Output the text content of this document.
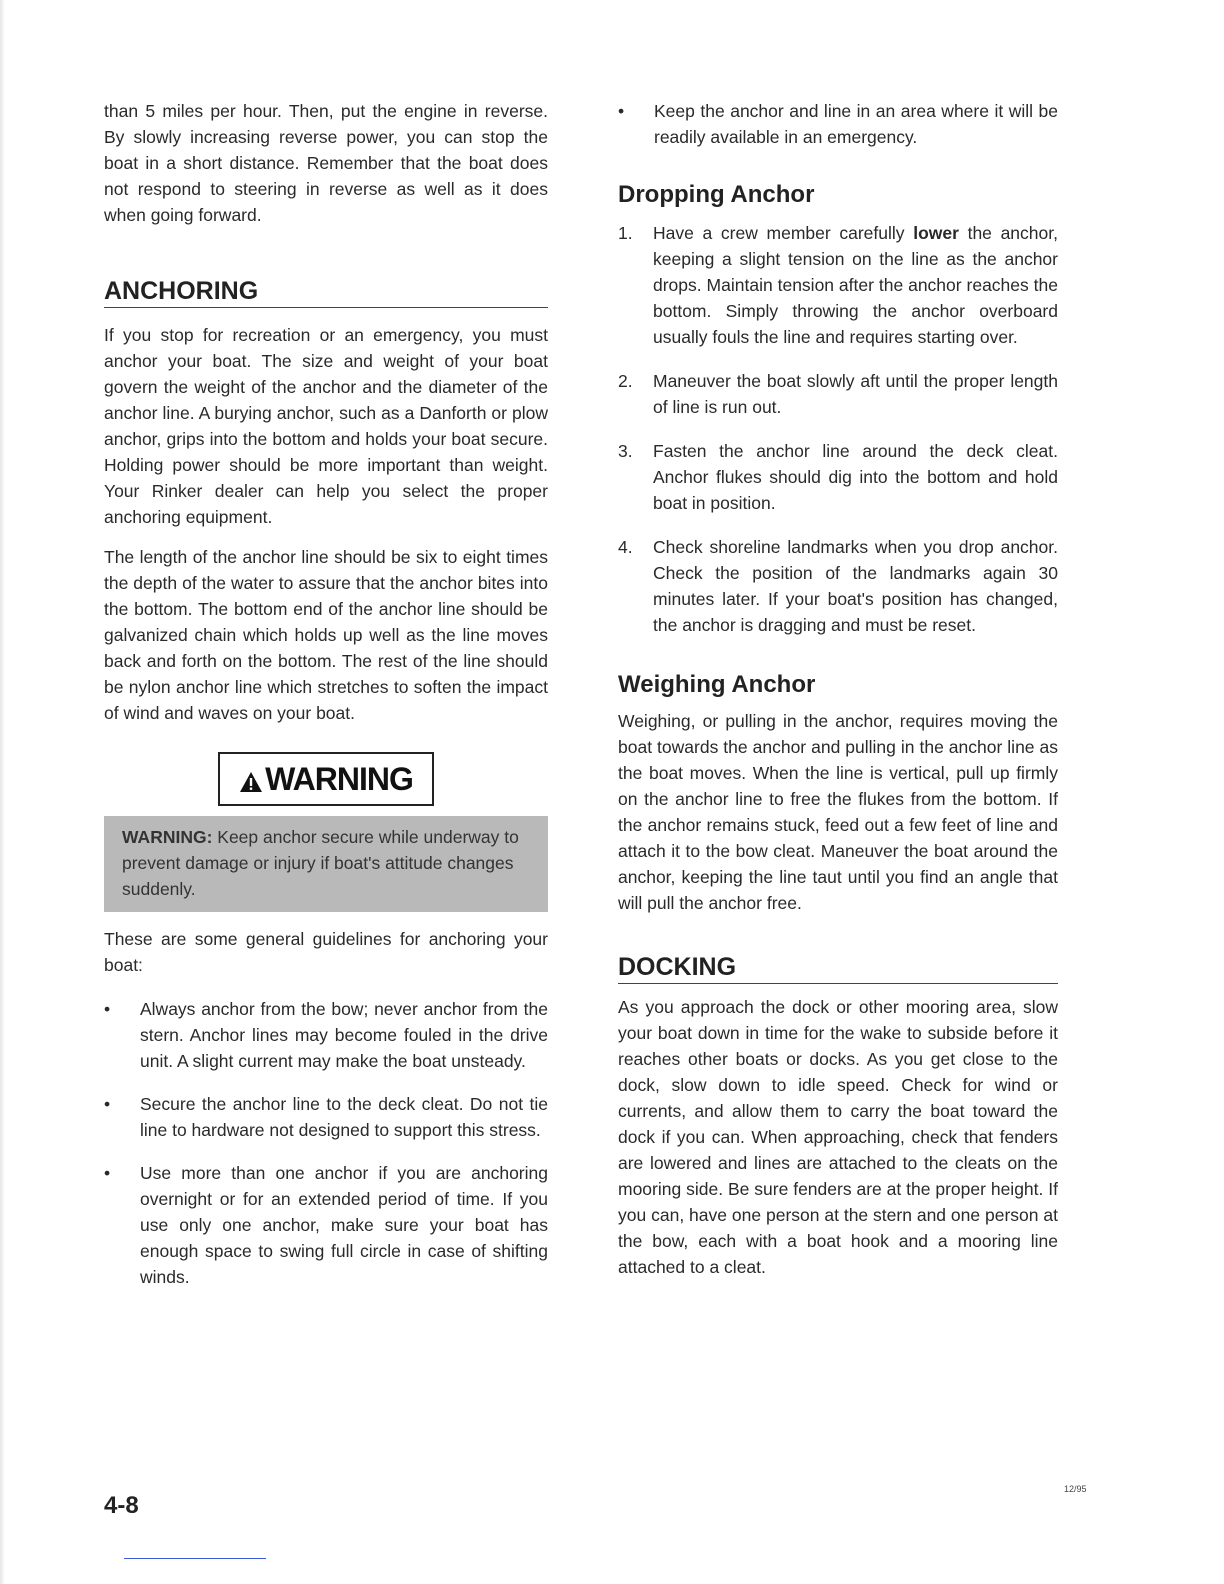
than 5 miles per hour. Then, put the engine in reverse. By slowly increasing reverse power, you can stop the boat in a short distance. Remember that the boat does not respond to steering in reverse as well as it does when going forward.

ANCHORING

If you stop for recreation or an emergency, you must anchor your boat. The size and weight of your boat govern the weight of the anchor and the diameter of the anchor line. A burying anchor, such as a Danforth or plow anchor, grips into the bottom and holds your boat secure. Holding power should be more important than weight. Your Rinker dealer can help you select the proper anchoring equipment.

The length of the anchor line should be six to eight times the depth of the water to assure that the anchor bites into the bottom. The bottom end of the anchor line should be galvanized chain which holds up well as the line moves back and forth on the bottom. The rest of the line should be nylon anchor line which stretches to soften the impact of wind and waves on your boat.

WARNING

WARNING: Keep anchor secure while underway to prevent damage or injury if boat's attitude changes suddenly.

These are some general guidelines for anchoring your boat:

•	Always anchor from the bow; never anchor from the stern. Anchor lines may become fouled in the drive unit. A slight current may make the boat unsteady.

•	Secure the anchor line to the deck cleat. Do not tie line to hardware not designed to support this stress.

•	Use more than one anchor if you are anchoring overnight or for an extended period of time. If you use only one anchor, make sure your boat has enough space to swing full circle in case of shifting winds.

•	Keep the anchor and line in an area where it will be readily available in an emergency.

Dropping Anchor
1. Have a crew member carefully lower the anchor, keeping a slight tension on the line as the anchor drops. Maintain tension after the anchor reaches the bottom. Simply throwing the anchor overboard usually fouls the line and requires starting over.

2. Maneuver the boat slowly aft until the proper length of line is run out.

3. Fasten the anchor line around the deck cleat. Anchor flukes should dig into the bottom and hold boat in position.

4. Check shoreline landmarks when you drop anchor. Check the position of the landmarks again 30 minutes later. If your boat's position has changed, the anchor is dragging and must be reset.

Weighing Anchor

Weighing, or pulling in the anchor, requires moving the boat towards the anchor and pulling in the anchor line as the boat moves. When the line is vertical, pull up firmly on the anchor line to free the flukes from the bottom. If the anchor remains stuck, feed out a few feet of line and attach it to the bow cleat. Maneuver the boat around the anchor, keeping the line taut until you find an angle that will pull the anchor free.

DOCKING

As you approach the dock or other mooring area, slow your boat down in time for the wake to subside before it reaches other boats or docks. As you get close to the dock, slow down to idle speed. Check for wind or currents, and allow them to carry the boat toward the dock if you can. When approaching, check that fenders are lowered and lines are attached to the cleats on the mooring side. Be sure fenders are at the proper height. If you can, have one person at the stern and one person at the bow, each with a boat hook and a mooring line attached to a cleat.

4-8
12/95
